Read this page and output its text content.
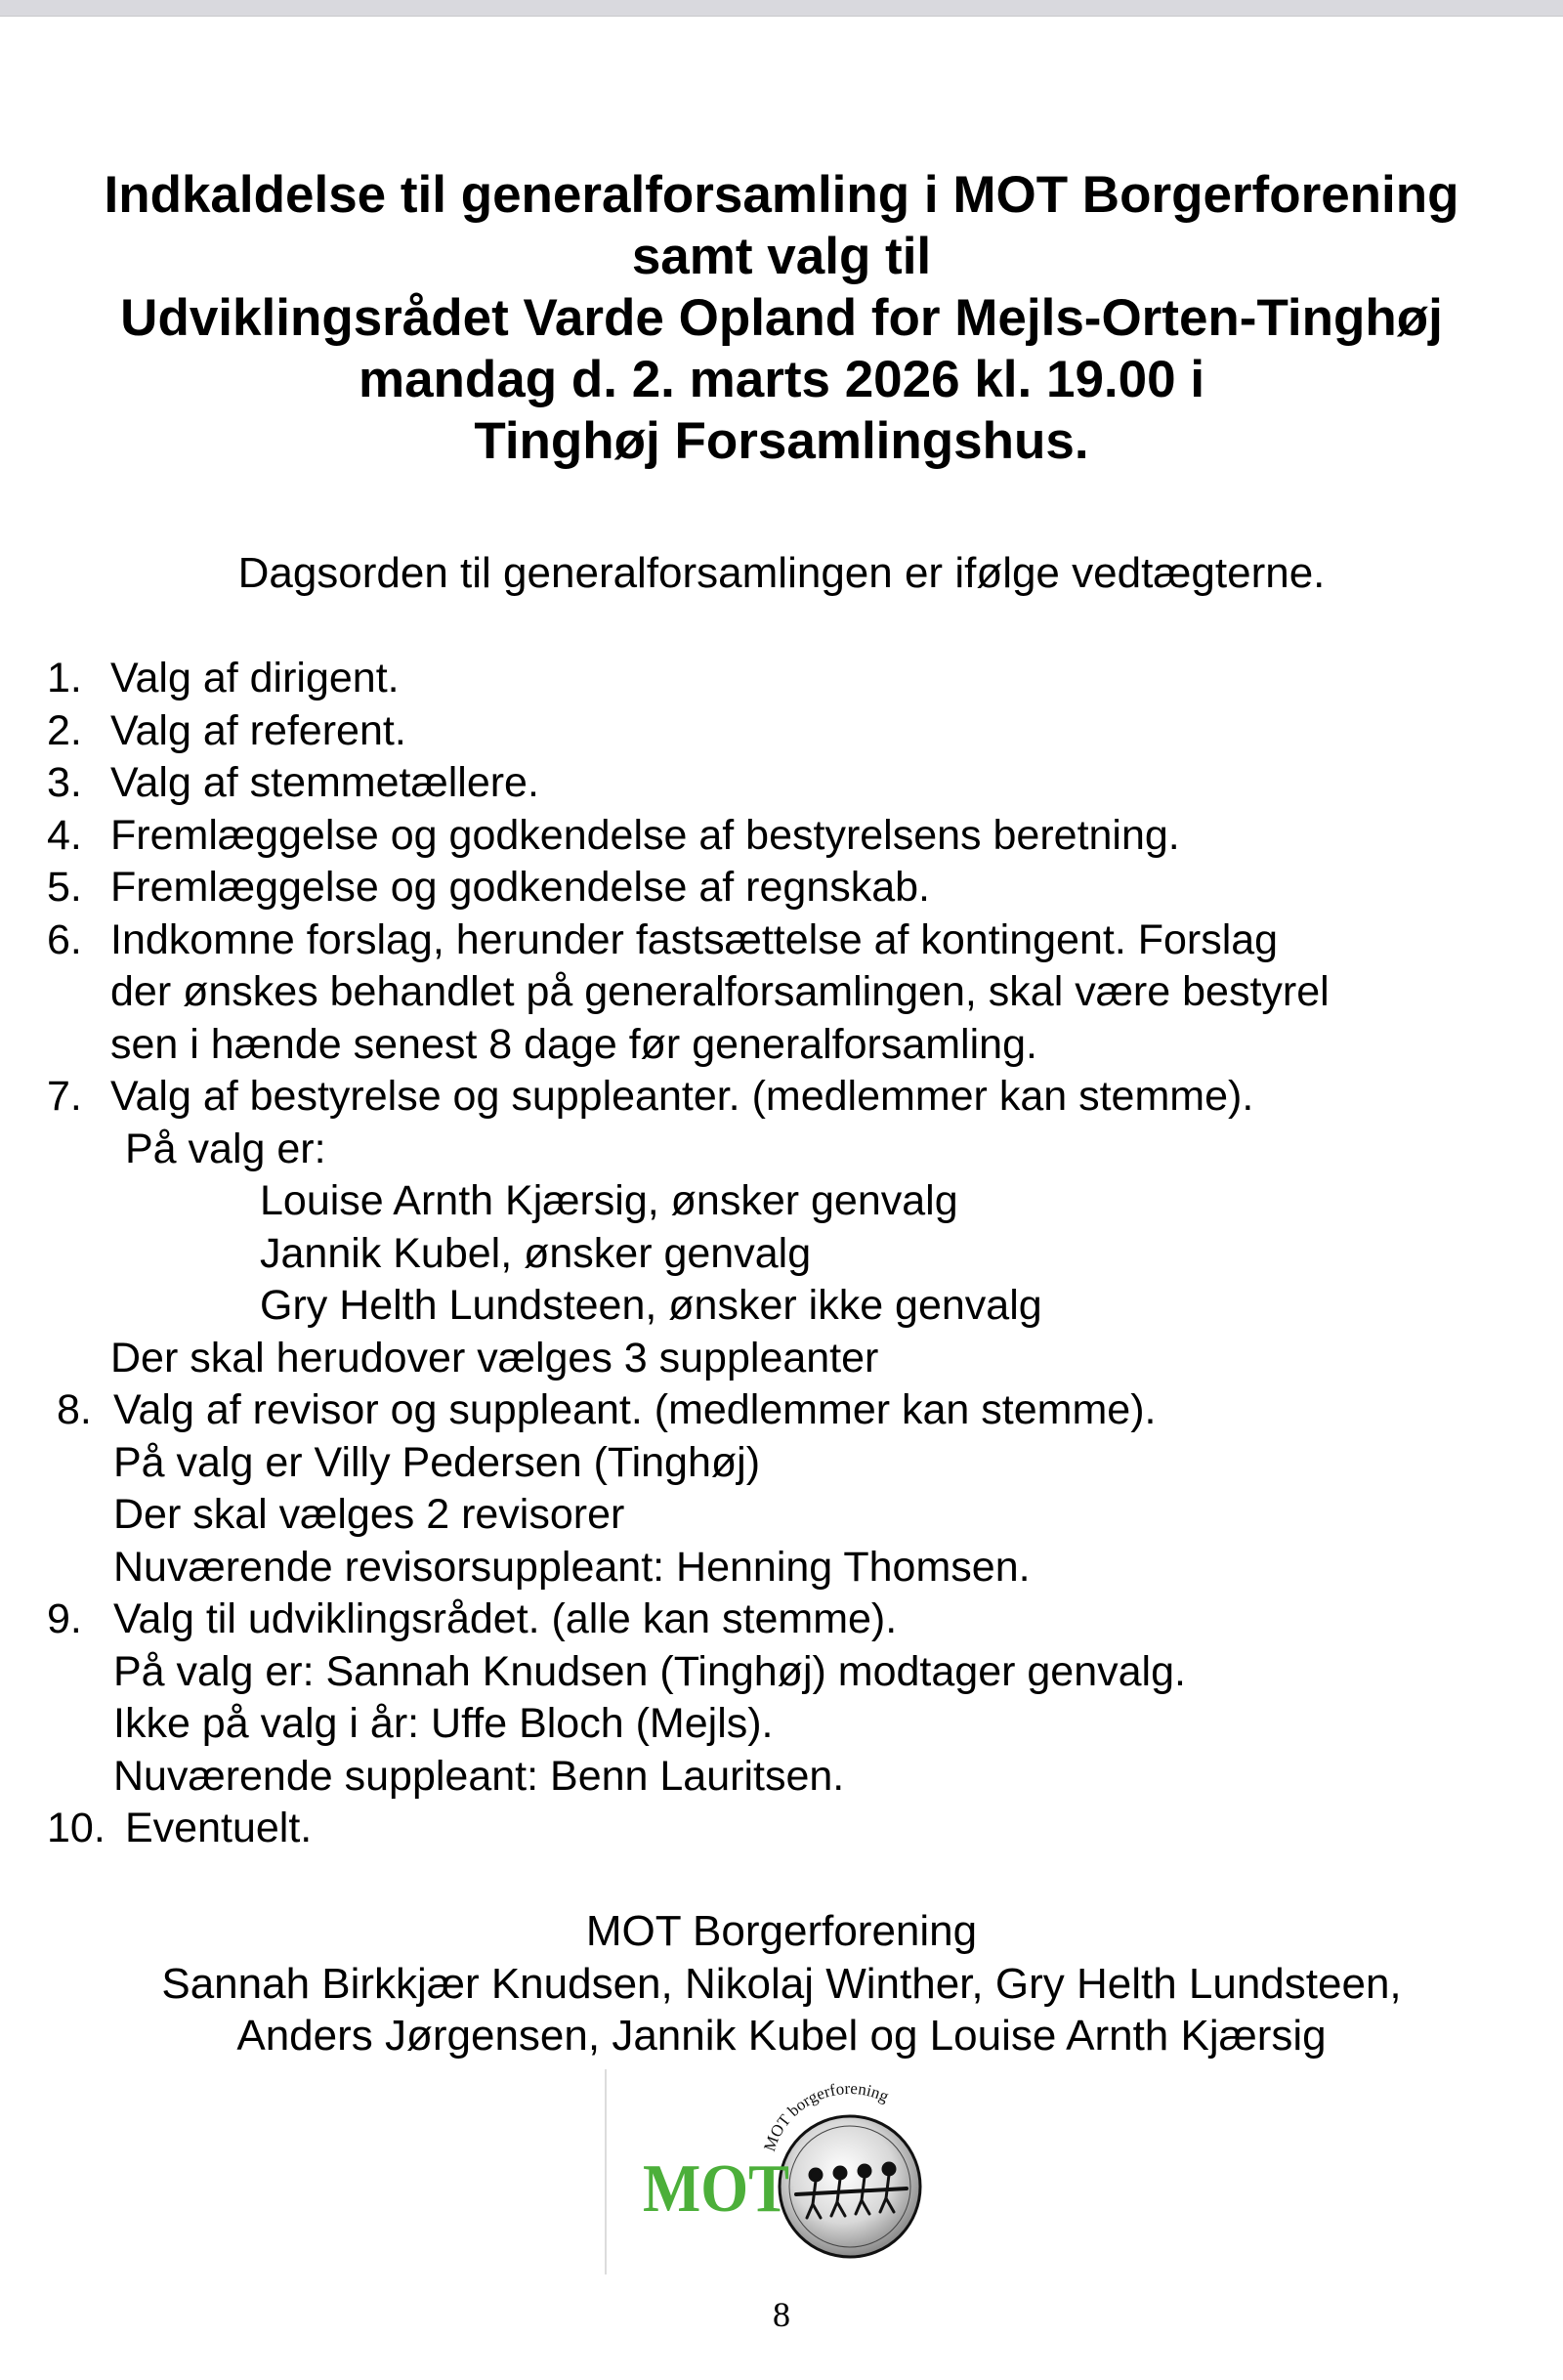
Indkaldelse til generalforsamling i MOT Borgerforening
samt valg til
Udviklingsrådet Varde Opland for Mejls-Orten-Tinghøj
mandag d. 2. marts 2026 kl. 19.00 i
Tinghøj Forsamlingshus.
Dagsorden til generalforsamlingen er ifølge vedtægterne.
1. Valg af dirigent.
2. Valg af referent.
3. Valg af stemmetællere.
4. Fremlæggelse og godkendelse af bestyrelsens beretning.
5. Fremlæggelse og godkendelse af regnskab.
6. Indkomne forslag, herunder fastsættelse af kontingent. Forslag
der ønskes behandlet på generalforsamlingen, skal være bestyrel
sen i hænde senest 8 dage før generalforsamling.
7. Valg af bestyrelse og suppleanter. (medlemmer kan stemme).
På valg er:
Louise Arnth Kjærsig, ønsker genvalg
Jannik Kubel, ønsker genvalg
Gry Helth Lundsteen, ønsker ikke genvalg
Der skal herudover vælges 3 suppleanter
8. Valg af revisor og suppleant. (medlemmer kan stemme).
På valg er Villy Pedersen (Tinghøj)
Der skal vælges 2 revisorer
Nuværende revisorsuppleant: Henning Thomsen.
9. Valg til udviklingsrådet. (alle kan stemme).
På valg er: Sannah Knudsen (Tinghøj) modtager genvalg.
Ikke på valg i år: Uffe Bloch (Mejls).
Nuværende suppleant: Benn Lauritsen.
10. Eventuelt.
MOT Borgerforening
Sannah Birkkjær Knudsen, Nikolaj Winther, Gry Helth Lundsteen,
Anders Jørgensen, Jannik Kubel og Louise Arnth Kjærsig
MOT borgerforening
MOT
8
